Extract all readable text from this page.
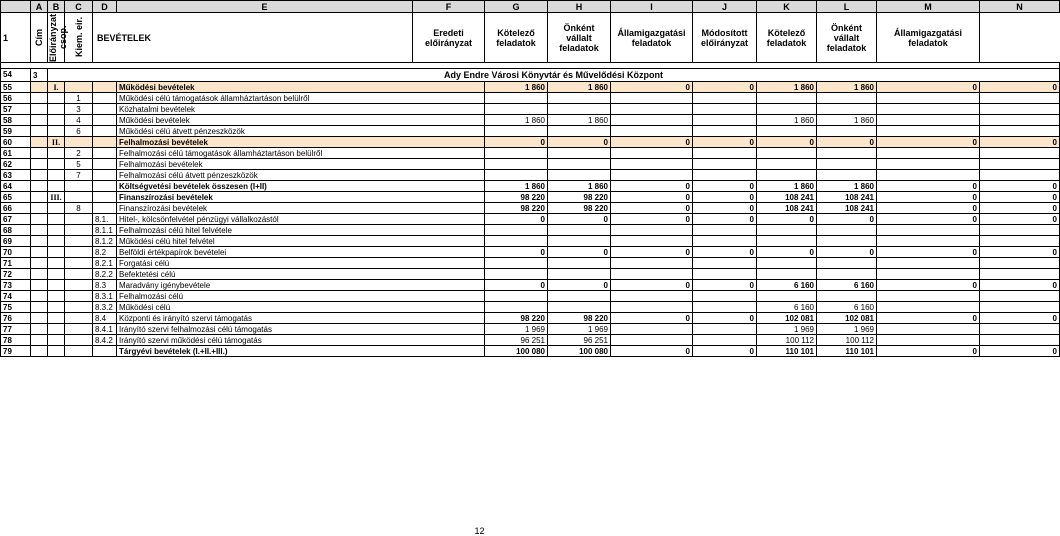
	A	B	C	D	E	F	G	H	I	J	K	L	M	N
1	Cím	Előirányzat csop.	Kiem. eir.	BEVÉTELEK		Eredeti előirányzat	Kötelező feladatok	Önként vállalt feladatok	Államigazgatási feladatok	Módosított előirányzat	Kötelező feladatok	Önként vállalt feladatok	Államigazgatási feladatok

54	3	Ady Endre Városi Könyvtár és Művelődési Központ												
55		I.			Működési bevételek		1 860	1 860	0	0	1 860	1 860	0	0
56			1		Működési célú támogatások államháztartáson belülről									
57			3		Közhatalmi bevételek									
58			4		Működési bevételek		1 860	1 860			1 860	1 860		
59			6		Működési célú átvett pénzeszközök									
60		II.			Felhalmozási bevételek		0	0	0	0	0	0	0	0
61			2		Felhalmozási célú támogatások államháztartáson belülről									
62			5		Felhalmozási bevételek									
63			7		Felhalmozási célú átvett pénzeszközök									
64					Költségvetési bevételek összesen (I+II)		1 860	1 860	0	0	1 860	1 860	0	0
65		III.			Finanszírozási bevételek		98 220	98 220	0	0	108 241	108 241	0	0
66			8		Finanszírozási bevételek		98 220	98 220	0	0	108 241	108 241	0	0
67				8.1.	Hitel-, kölcsönfelvétel pénzügyi vállalkozástól		0	0	0	0	0	0	0	0
68				8.1.1	Felhalmozási célú hitel felvétele									
69				8.1.2	Működési célú hitel felvétel									
70				8.2	Belföldi értékpapírok bevételei		0	0	0	0	0	0	0	0
71				8.2.1	Forgatási célú									
72				8.2.2	Befektetési célú									
73				8.3	Maradvány igénybevétele		0	0	0	0	6 160	6 160	0	0
74				8.3.1	Felhalmozási célú									
75				8.3.2	Működési célú						6 160	6 160		
76				8.4	Központi és irányító szervi támogatás		98 220	98 220	0	0	102 081	102 081	0	0
77				8.4.1	Irányító szervi felhalmozási célú támogatás		1 969	1 969			1 969	1 969		
78				8.4.2	Irányító szervi működési célú támogatás		96 251	96 251			100 112	100 112		
79					Tárgyévi bevételek (I.+II.+III.)		100 080	100 080	0	0	110 101	110 101	0	0
12
